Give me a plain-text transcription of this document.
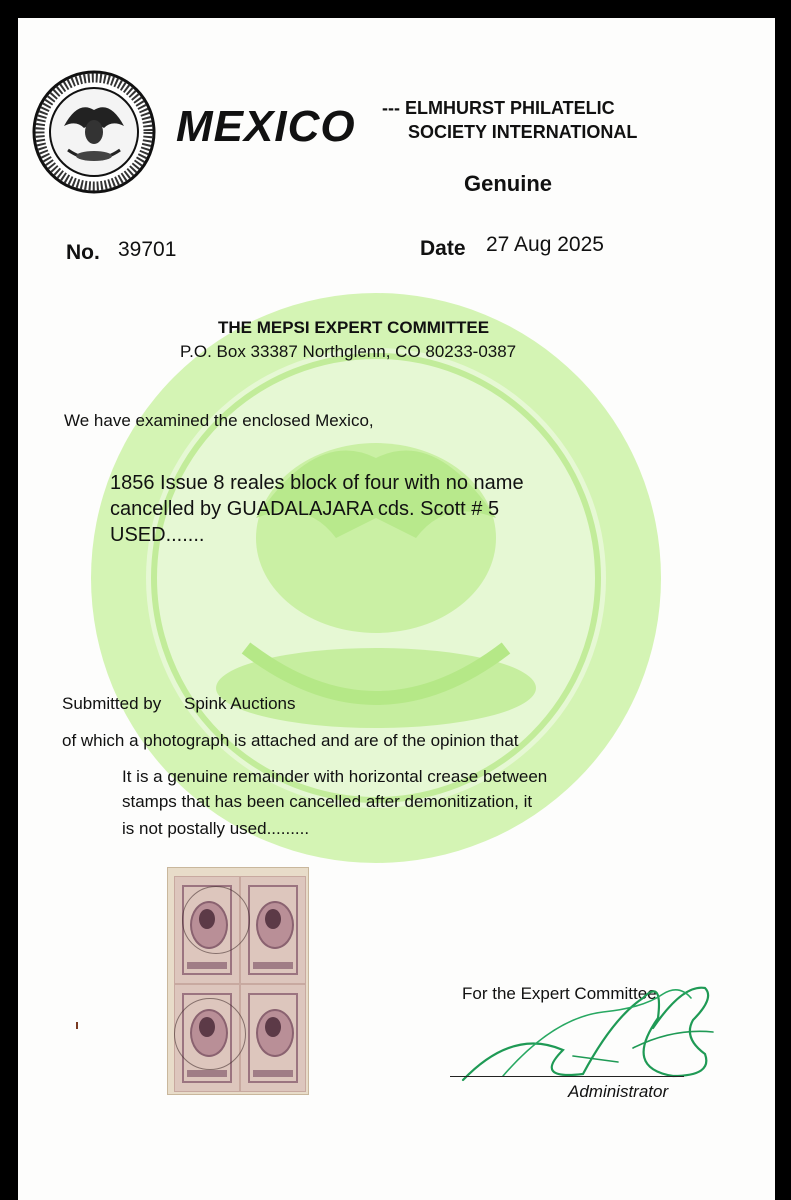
MEXICO --- ELMHURST PHILATELIC
SOCIETY INTERNATIONAL
Genuine
No. 39701	Date 27 Aug 2025
THE MEPSI EXPERT COMMITTEE
P.O. Box 33387 Northglenn, CO 80233-0387
We have examined the enclosed Mexico,
1856 Issue 8 reales block of four with no name
cancelled by GUADALAJARA cds. Scott # 5
USED.......
Submitted by Spink Auctions
of which a photograph is attached and are of the opinion that
It is a genuine remainder with horizontal crease between
stamps that has been cancelled after demonitization, it
is not postally used.........
For the Expert Committee
Administrator
